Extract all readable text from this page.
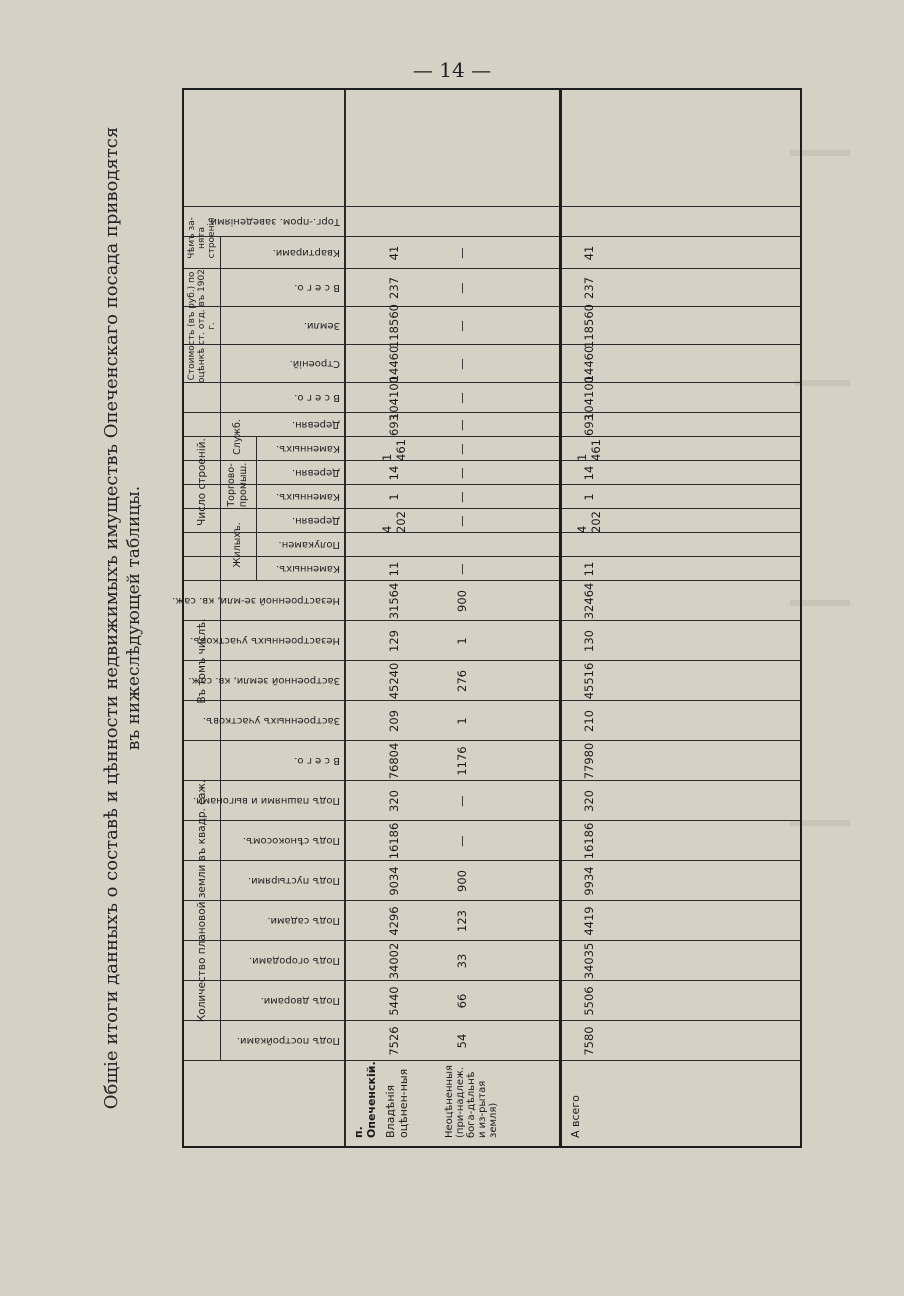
— 14 —
Общіе итоги данныхъ о составѣ и цѣнности недвижимыхъ имуществъ Опеченскаго посада приводятся въ нижеслѣдующей таблицы.
Количество плановой земли въ квадр. саж.
Въ томъ числѣ.
Число строеній.
Стоимость (въ руб.) по оцѣнкѣ ст. отд. въ 1902 г.
Чѣмъ за-нята строенія
Жилыхъ.
Торгово-промыш.
Служб.
Подъ постройками.
Подъ дворами.
Подъ огородами.
Подъ садами.
Подъ пустырями.
Подъ сѣнокосомъ.
Подъ пашнями и выгонами.
В с е г о.
Застроенныхъ участковъ.
Застроенной земли, кв. саж.
Незастроенныхъ участковъ.
Незастроенной зе-мли, кв. саж.
Каменныхъ.
Полукамен.
Деревян.
Каменныхъ.
Деревян.
Каменныхъ.
Деревян.
В с е г о.
Строеній.
Земли.
В с е г о.
Квартирами.
Торг.-пром. заведеніями.
п. Опеченскій. Владѣнія оцѣнен-ныя	Неоцѣненныя (при-надлеж. бога-дѣльнѣ и из-рытая земля)	А всего
7526
5440
34002
4296
9034
16186
320
76804
209
45240
129
31564
11
4 202
1
14
1 461
693
104100
14460
118560
237
41
54
66
33
123
900
—
—
1176
1
276
1
900
—
—
—
—
—
—
—
—
—
—
—
7580
5506
34035
4419
9934
16186
320
77980
210
45516
130
32464
11
4 202
1
14
1 461
693
104100
14460
118560
237
41
